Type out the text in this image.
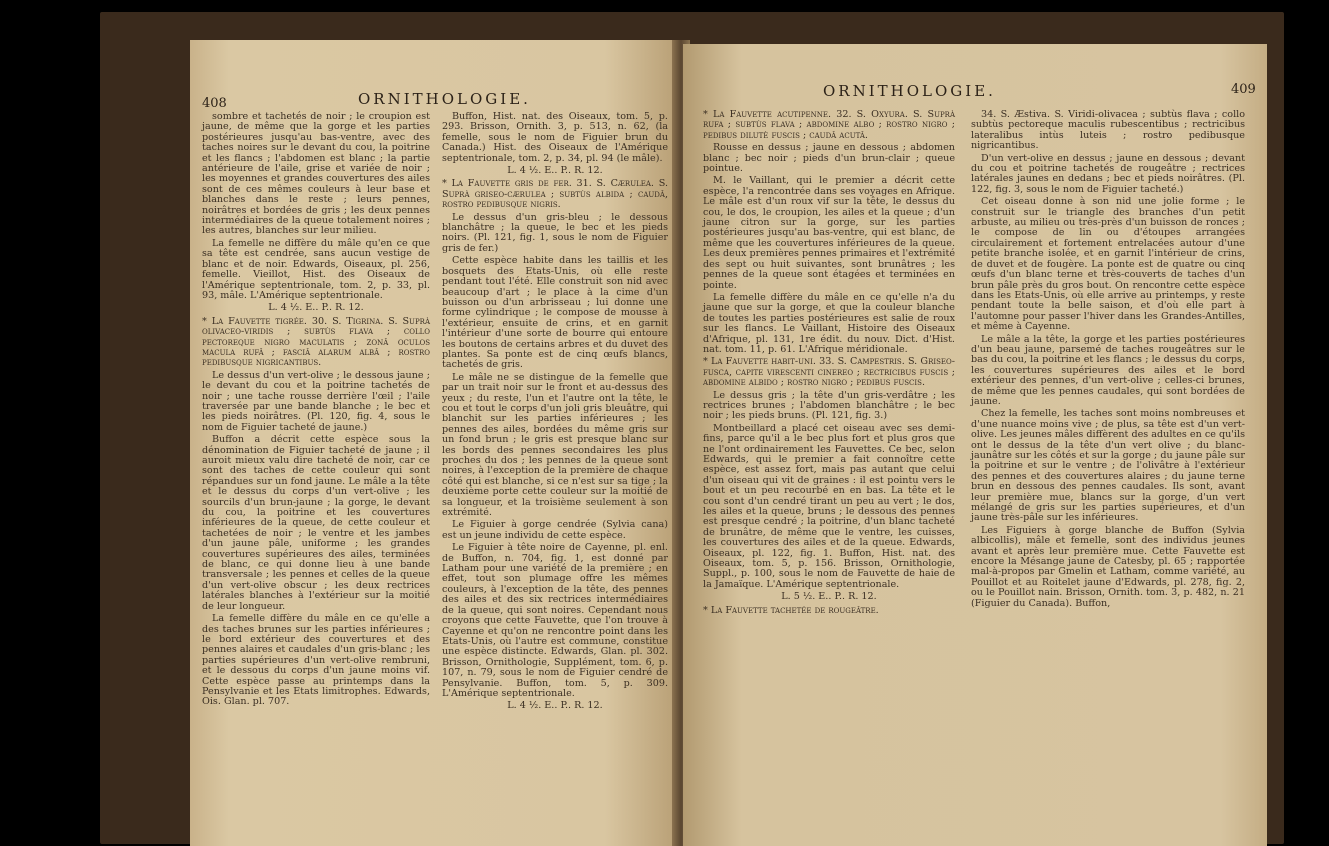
408	ORNITHOLOGIE.

sombre et tachetés de noir ; le croupion est jaune, de même que la gorge et les parties postérieures jusqu'au bas-ventre, avec des taches noires sur le devant du cou, la poitrine et les flancs ; l'abdomen est blanc ; la partie antérieure de l'aile, grise et variée de noir ; les moyennes et grandes couvertures des ailes sont de ces mêmes couleurs à leur base et blanches dans le reste ; leurs pennes, noirâtres et bordées de gris ; les deux pennes intermédiaires de la queue totalement noires ; les autres, blanches sur leur milieu.

La femelle ne diffère du mâle qu'en ce que sa tête est cendrée, sans aucun vestige de blanc et de noir. Edwards, Oiseaux, pl. 256, femelle. Vieillot, Hist. des Oiseaux de l'Amérique septentrionale, tom. 2, p. 33, pl. 93, mâle. L'Amérique septentrionale.

L. 4 ½. E.. P.. R. 12.

* La Fauvette tigrée. 30. S. Tigrina. S. Suprà olivaceo-viridis ; subtùs flava ; collo pectoreque nigro maculatis ; zonâ oculos macula rufâ ; fasciâ alarum albâ ; rostro pedibusque nigricantibus.

Le dessus d'un vert-olive ; le dessous jaune ; le devant du cou et la poitrine tachetés de noir ; une tache rousse derrière l'œil ; l'aile traversée par une bande blanche ; le bec et les pieds noirâtres. (Pl. 120, fig. 4, sous le nom de Figuier tacheté de jaune.)

Buffon a décrit cette espèce sous la dénomination de Figuier tacheté de jaune ; il auroit mieux valu dire tacheté de noir, car ce sont des taches de cette couleur qui sont répandues sur un fond jaune. Le mâle a la tête et le dessus du corps d'un vert-olive ; les sourcils d'un brun-jaune ; la gorge, le devant du cou, la poitrine et les couvertures inférieures de la queue, de cette couleur et tachetées de noir ; le ventre et les jambes d'un jaune pâle, uniforme ; les grandes couvertures supérieures des ailes, terminées de blanc, ce qui donne lieu à une bande transversale ; les pennes et celles de la queue d'un vert-olive obscur ; les deux rectrices latérales blanches à l'extérieur sur la moitié de leur longueur.

La femelle diffère du mâle en ce qu'elle a des taches brunes sur les parties inférieures ; le bord extérieur des couvertures et des pennes alaires et caudales d'un gris-blanc ; les parties supérieures d'un vert-olive rembruni, et le dessous du corps d'un jaune moins vif. Cette espèce passe au printemps dans la Pensylvanie et les Etats limitrophes. Edwards, Ois. Glan. pl. 707.

Buffon, Hist. nat. des Oiseaux, tom. 5, p. 293. Brisson, Ornith. 3, p. 513, n. 62, (la femelle, sous le nom de Figuier brun du Canada.) Hist. des Oiseaux de l'Amérique septentrionale, tom. 2, p. 34, pl. 94 (le mâle).

L. 4 ½. E.. P.. R. 12.

* La Fauvette gris de fer. 31. S. Cærulea. S. Suprà griseo-cærulea ; subtùs albida ; caudâ, rostro pedibusque nigris.

Le dessus d'un gris-bleu ; le dessous blanchâtre ; la queue, le bec et les pieds noirs. (Pl. 121, fig. 1, sous le nom de Figuier gris de fer.)

Cette espèce habite dans les taillis et les bosquets des Etats-Unis, où elle reste pendant tout l'été. Elle construit son nid avec beaucoup d'art ; le place à la cime d'un buisson ou d'un arbrisseau ; lui donne une forme cylindrique ; le compose de mousse à l'extérieur, ensuite de crins, et en garnit l'intérieur d'une sorte de bourre qui entoure les boutons de certains arbres et du duvet des plantes. Sa ponte est de cinq œufs blancs, tachetés de gris.

Le mâle ne se distingue de la femelle que par un trait noir sur le front et au-dessus des yeux ; du reste, l'un et l'autre ont la tête, le cou et tout le corps d'un joli gris bleuâtre, qui blanchit sur les parties inférieures ; les pennes des ailes, bordées du même gris sur un fond brun ; le gris est presque blanc sur les bords des pennes secondaires les plus proches du dos ; les pennes de la queue sont noires, à l'exception de la première de chaque côté qui est blanche, si ce n'est sur sa tige ; la deuxième porte cette couleur sur la moitié de sa longueur, et la troisième seulement à son extrémité.

Le Figuier à gorge cendrée (Sylvia cana) est un jeune individu de cette espèce.

Le Figuier à tête noire de Cayenne, pl. enl. de Buffon, n. 704, fig. 1, est donné par Latham pour une variété de la première ; en effet, tout son plumage offre les mêmes couleurs, à l'exception de la tête, des pennes des ailes et des six rectrices intermédiaires de la queue, qui sont noires. Cependant nous croyons que cette Fauvette, que l'on trouve à Cayenne et qu'on ne rencontre point dans les Etats-Unis, où l'autre est commune, constitue une espèce distincte. Edwards, Glan. pl. 302. Brisson, Ornithologie, Supplément, tom. 6, p. 107, n. 79, sous le nom de Figuier cendré de Pensylvanie. Buffon, tom. 5, p. 309. L'Amérique septentrionale.

L. 4 ½. E.. P.. R. 12.

ORNITHOLOGIE.	409

* La Fauvette acutipenne. 32. S. Oxyura. S. Suprà rufa ; subtùs flava ; abdomine albo ; rostro nigro ; pedibus dilutè fuscis ; caudâ acutâ.

Rousse en dessus ; jaune en dessous ; abdomen blanc ; bec noir ; pieds d'un brun-clair ; queue pointue.

M. le Vaillant, qui le premier a décrit cette espèce, l'a rencontrée dans ses voyages en Afrique. Le mâle est d'un roux vif sur la tête, le dessus du cou, le dos, le croupion, les ailes et la queue ; d'un jaune citron sur la gorge, sur les parties postérieures jusqu'au bas-ventre, qui est blanc, de même que les couvertures inférieures de la queue. Les deux premières pennes primaires et l'extrémité des sept ou huit suivantes, sont brunâtres ; les pennes de la queue sont étagées et terminées en pointe.

La femelle diffère du mâle en ce qu'elle n'a du jaune que sur la gorge, et que la couleur blanche de toutes les parties postérieures est salie de roux sur les flancs. Le Vaillant, Histoire des Oiseaux d'Afrique, pl. 131, 1re édit. du nouv. Dict. d'Hist. nat. tom. 11, p. 61. L'Afrique méridionale.

* La Fauvette habit-uni. 33. S. Campestris. S. Griseo-fusca, capite virescenti cinereo ; rectricibus fuscis ; abdomine albido ; rostro nigro ; pedibus fuscis.

Le dessus gris ; la tête d'un gris-verdâtre ; les rectrices brunes ; l'abdomen blanchâtre ; le bec noir ; les pieds bruns. (Pl. 121, fig. 3.)

Montbeillard a placé cet oiseau avec ses demi-fins, parce qu'il a le bec plus fort et plus gros que ne l'ont ordinairement les Fauvettes. Ce bec, selon Edwards, qui le premier a fait connoître cette espèce, est assez fort, mais pas autant que celui d'un oiseau qui vit de graines : il est pointu vers le bout et un peu recourbé en en bas. La tête et le cou sont d'un cendré tirant un peu au vert ; le dos, les ailes et la queue, bruns ; le dessous des pennes est presque cendré ; la poitrine, d'un blanc tacheté de brunâtre, de même que le ventre, les cuisses, les couvertures des ailes et de la queue. Edwards, Oiseaux, pl. 122, fig. 1. Buffon, Hist. nat. des Oiseaux, tom. 5, p. 156. Brisson, Ornithologie, Suppl., p. 100, sous le nom de Fauvette de haie de la Jamaïque. L'Amérique septentrionale.

L. 5 ½. E.. P.. R. 12.

* La Fauvette tachetée de rougeâtre.

34. S. Æstiva. S. Viridi-olivacea ; subtùs flava ; collo subtùs pectoreque maculis rubescentibus ; rectricibus lateralibus intùs luteis ; rostro pedibusque nigricantibus.

D'un vert-olive en dessus ; jaune en dessous ; devant du cou et poitrine tachetés de rougeâtre ; rectrices latérales jaunes en dedans ; bec et pieds noirâtres. (Pl. 122, fig. 3, sous le nom de Figuier tacheté.)

Cet oiseau donne à son nid une jolie forme ; le construit sur le triangle des branches d'un petit arbuste, au milieu ou très-près d'un buisson de ronces ; le compose de lin ou d'étoupes arrangées circulairement et fortement entrelacées autour d'une petite branche isolée, et en garnit l'intérieur de crins, de duvet et de fougère. La ponte est de quatre ou cinq œufs d'un blanc terne et très-couverts de taches d'un brun pâle près du gros bout. On rencontre cette espèce dans les Etats-Unis, où elle arrive au printemps, y reste pendant toute la belle saison, et d'où elle part à l'automne pour passer l'hiver dans les Grandes-Antilles, et même à Cayenne.

Le mâle a la tête, la gorge et les parties postérieures d'un beau jaune, parsemé de taches rougeâtres sur le bas du cou, la poitrine et les flancs ; le dessus du corps, les couvertures supérieures des ailes et le bord extérieur des pennes, d'un vert-olive ; celles-ci brunes, de même que les pennes caudales, qui sont bordées de jaune.

Chez la femelle, les taches sont moins nombreuses et d'une nuance moins vive ; de plus, sa tête est d'un vert-olive. Les jeunes mâles diffèrent des adultes en ce qu'ils ont le dessus de la tête d'un vert olive ; du blanc-jaunâtre sur les côtés et sur la gorge ; du jaune pâle sur la poitrine et sur le ventre ; de l'olivâtre à l'extérieur des pennes et des couvertures alaires ; du jaune terne brun en dessous des pennes caudales. Ils sont, avant leur première mue, blancs sur la gorge, d'un vert mélangé de gris sur les parties supérieures, et d'un jaune très-pâle sur les inférieures.

Les Figuiers à gorge blanche de Buffon (Sylvia albicollis), mâle et femelle, sont des individus jeunes avant et après leur première mue. Cette Fauvette est encore la Mésange jaune de Catesby, pl. 65 ; rapportée mal-à-propos par Gmelin et Latham, comme variété, au Pouillot et au Roitelet jaune d'Edwards, pl. 278, fig. 2, ou le Pouillot nain. Brisson, Ornith. tom. 3, p. 482, n. 21 (Figuier du Canada). Buffon,
